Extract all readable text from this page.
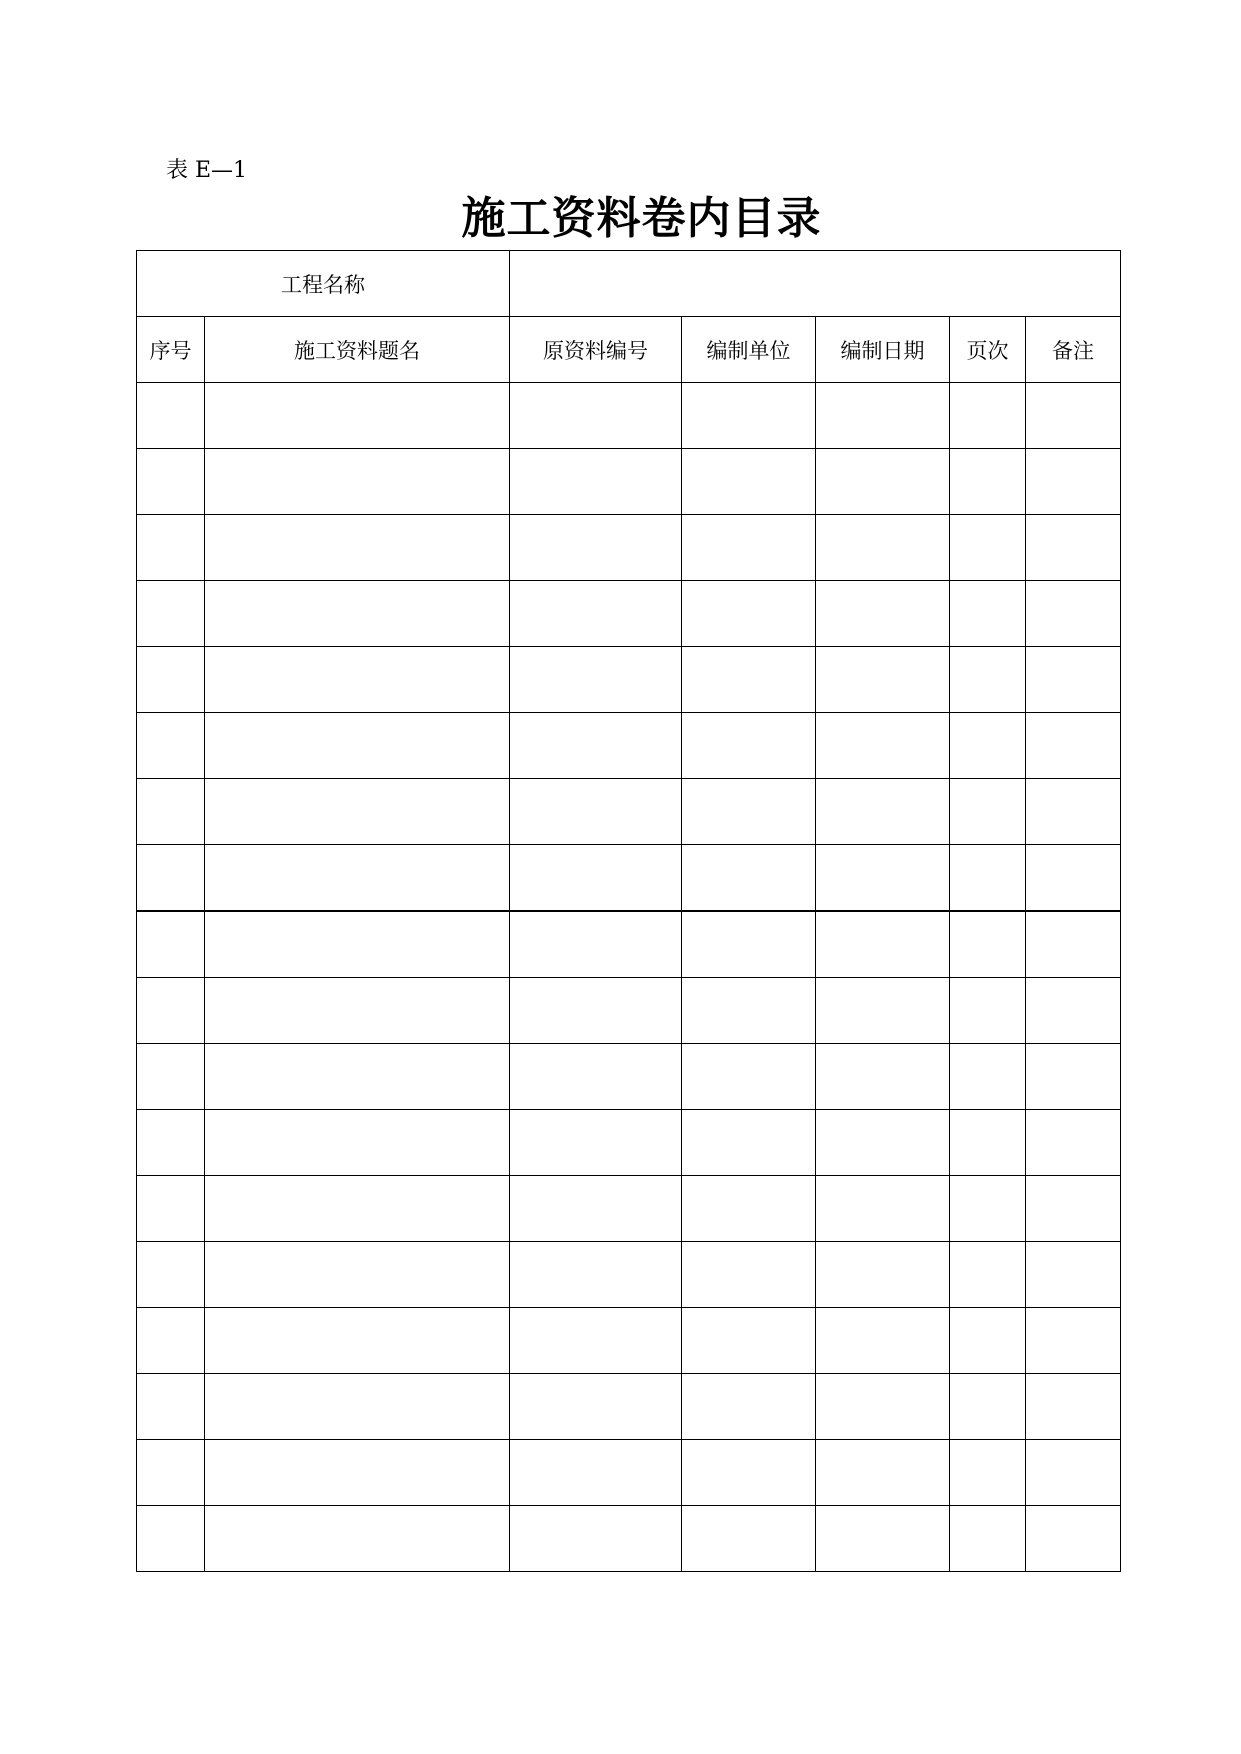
表 E—1
施工资料卷内目录
工程名称						
序号	施工资料题名	原资料编号	编制单位	编制日期	页次	备注
